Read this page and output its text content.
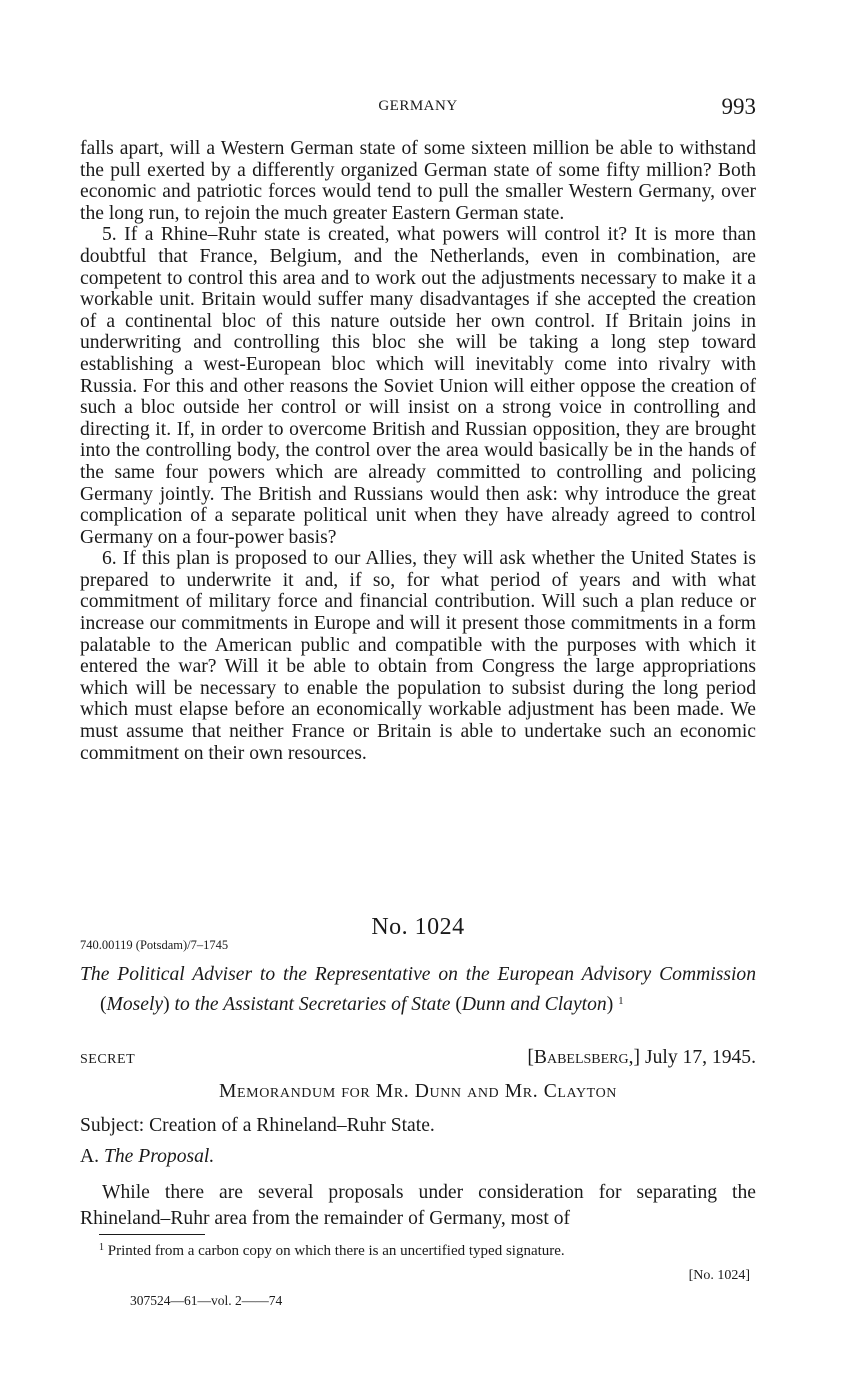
GERMANY	993

falls apart, will a Western German state of some sixteen million be able to withstand the pull exerted by a differently organized German state of some fifty million? Both economic and patriotic forces would tend to pull the smaller Western Germany, over the long run, to rejoin the much greater Eastern German state.

5. If a Rhine–Ruhr state is created, what powers will control it? It is more than doubtful that France, Belgium, and the Netherlands, even in combination, are competent to control this area and to work out the adjustments necessary to make it a workable unit. Britain would suffer many disadvantages if she accepted the creation of a continental bloc of this nature outside her own control. If Britain joins in underwriting and controlling this bloc she will be taking a long step toward establishing a west-European bloc which will inevitably come into rivalry with Russia. For this and other reasons the Soviet Union will either oppose the creation of such a bloc outside her control or will insist on a strong voice in controlling and directing it. If, in order to overcome British and Russian opposition, they are brought into the controlling body, the control over the area would basically be in the hands of the same four powers which are already committed to controlling and policing Germany jointly. The British and Russians would then ask: why introduce the great complication of a separate political unit when they have already agreed to control Germany on a four-power basis?

6. If this plan is proposed to our Allies, they will ask whether the United States is prepared to underwrite it and, if so, for what period of years and with what commitment of military force and financial contribution. Will such a plan reduce or increase our commitments in Europe and will it present those commitments in a form palatable to the American public and compatible with the purposes with which it entered the war? Will it be able to obtain from Congress the large appropriations which will be necessary to enable the population to subsist during the long period which must elapse before an economically workable adjustment has been made. We must assume that neither France or Britain is able to undertake such an economic commitment on their own resources.

No. 1024
740.00119 (Potsdam)/7–1745
The Political Adviser to the Representative on the European Advisory Commission (Mosely) to the Assistant Secretaries of State (Dunn and Clayton) $^1$
SECRET	[Babelsberg,] July 17, 1945.
Memorandum for Mr. Dunn and Mr. Clayton
Subject: Creation of a Rhineland–Ruhr State.
A. The Proposal.

While there are several proposals under consideration for separating the Rhineland–Ruhr area from the remainder of Germany, most of

$^1$ Printed from a carbon copy on which there is an uncertified typed signature.
[No. 1024]
307524—61—vol. 2——74
